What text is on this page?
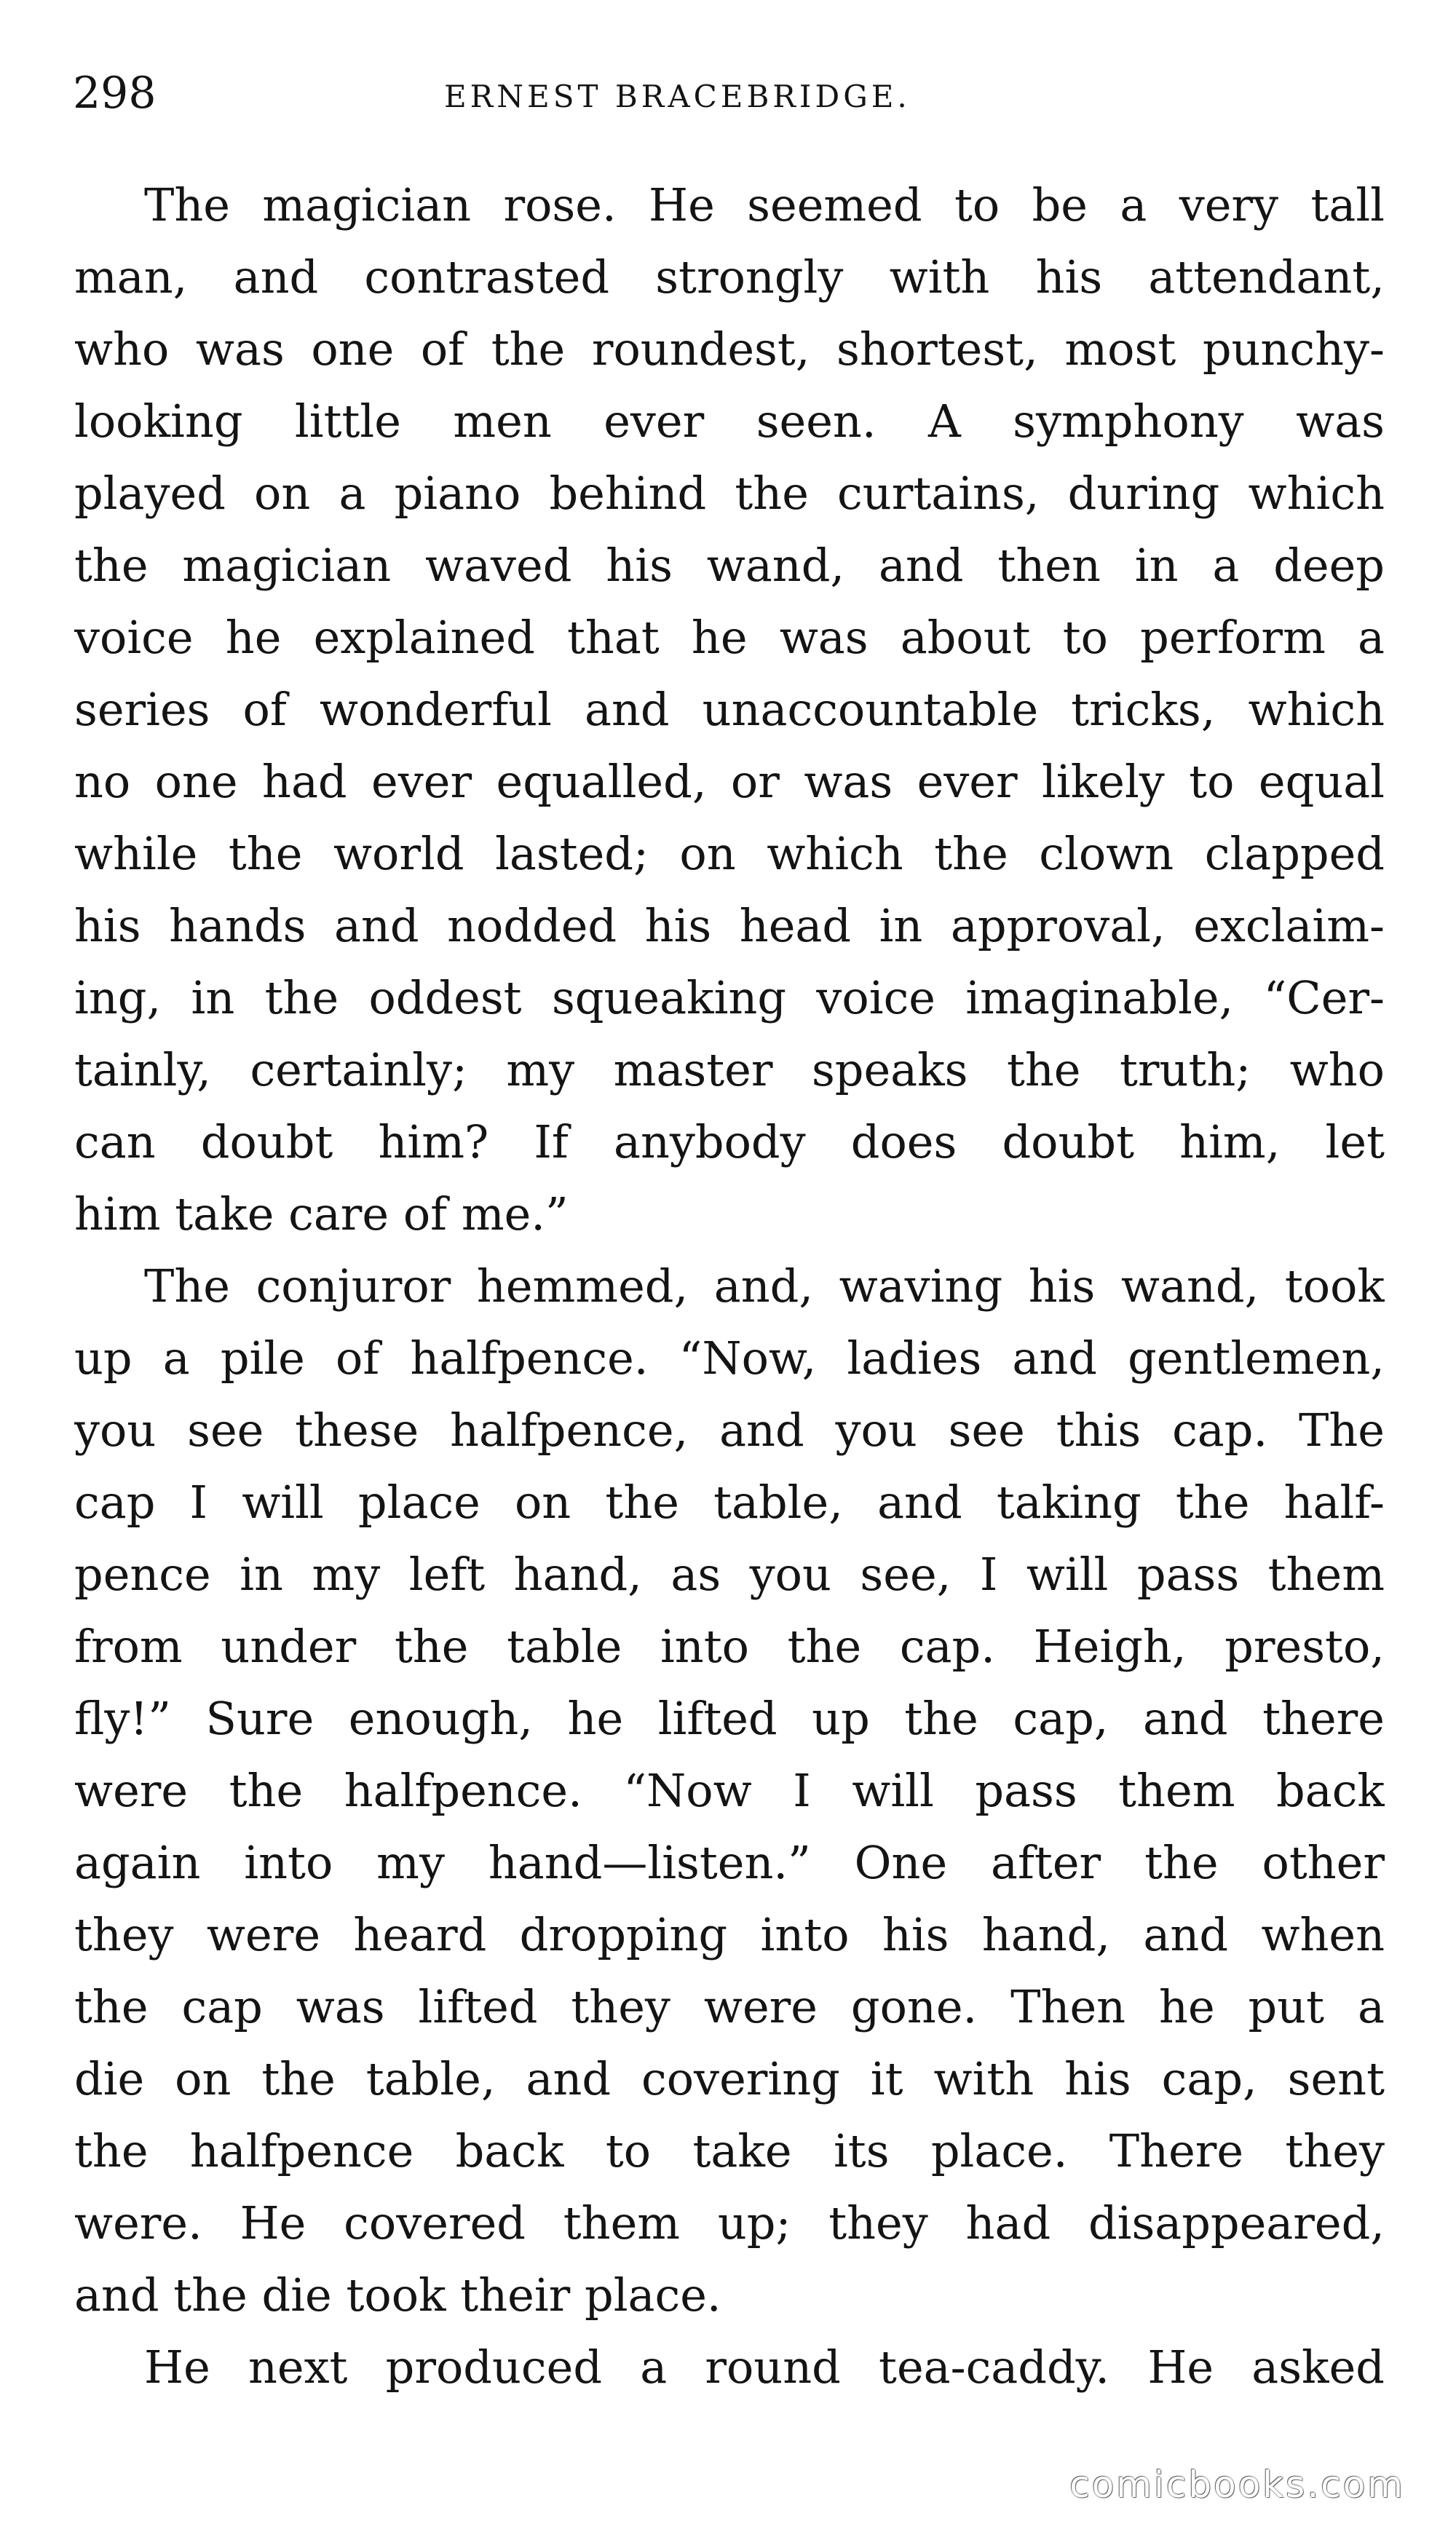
298	ERNEST BRACEBRIDGE.
The magician rose. He seemed to be a very tall
man, and contrasted strongly with his attendant,
who was one of the roundest, shortest, most punchy-
looking little men ever seen. A symphony was
played on a piano behind the curtains, during which
the magician waved his wand, and then in a deep
voice he explained that he was about to perform a
series of wonderful and unaccountable tricks, which
no one had ever equalled, or was ever likely to equal
while the world lasted; on which the clown clapped
his hands and nodded his head in approval, exclaim-
ing, in the oddest squeaking voice imaginable, “Cer-
tainly, certainly; my master speaks the truth; who
can doubt him? If anybody does doubt him, let
him take care of me.”
The conjuror hemmed, and, waving his wand, took
up a pile of halfpence. “Now, ladies and gentlemen,
you see these halfpence, and you see this cap. The
cap I will place on the table, and taking the half-
pence in my left hand, as you see, I will pass them
from under the table into the cap. Heigh, presto,
fly!” Sure enough, he lifted up the cap, and there
were the halfpence. “Now I will pass them back
again into my hand—listen.” One after the other
they were heard dropping into his hand, and when
the cap was lifted they were gone. Then he put a
die on the table, and covering it with his cap, sent
the halfpence back to take its place. There they
were. He covered them up; they had disappeared,
and the die took their place.
He next produced a round tea-caddy. He asked
comicbooks.com
